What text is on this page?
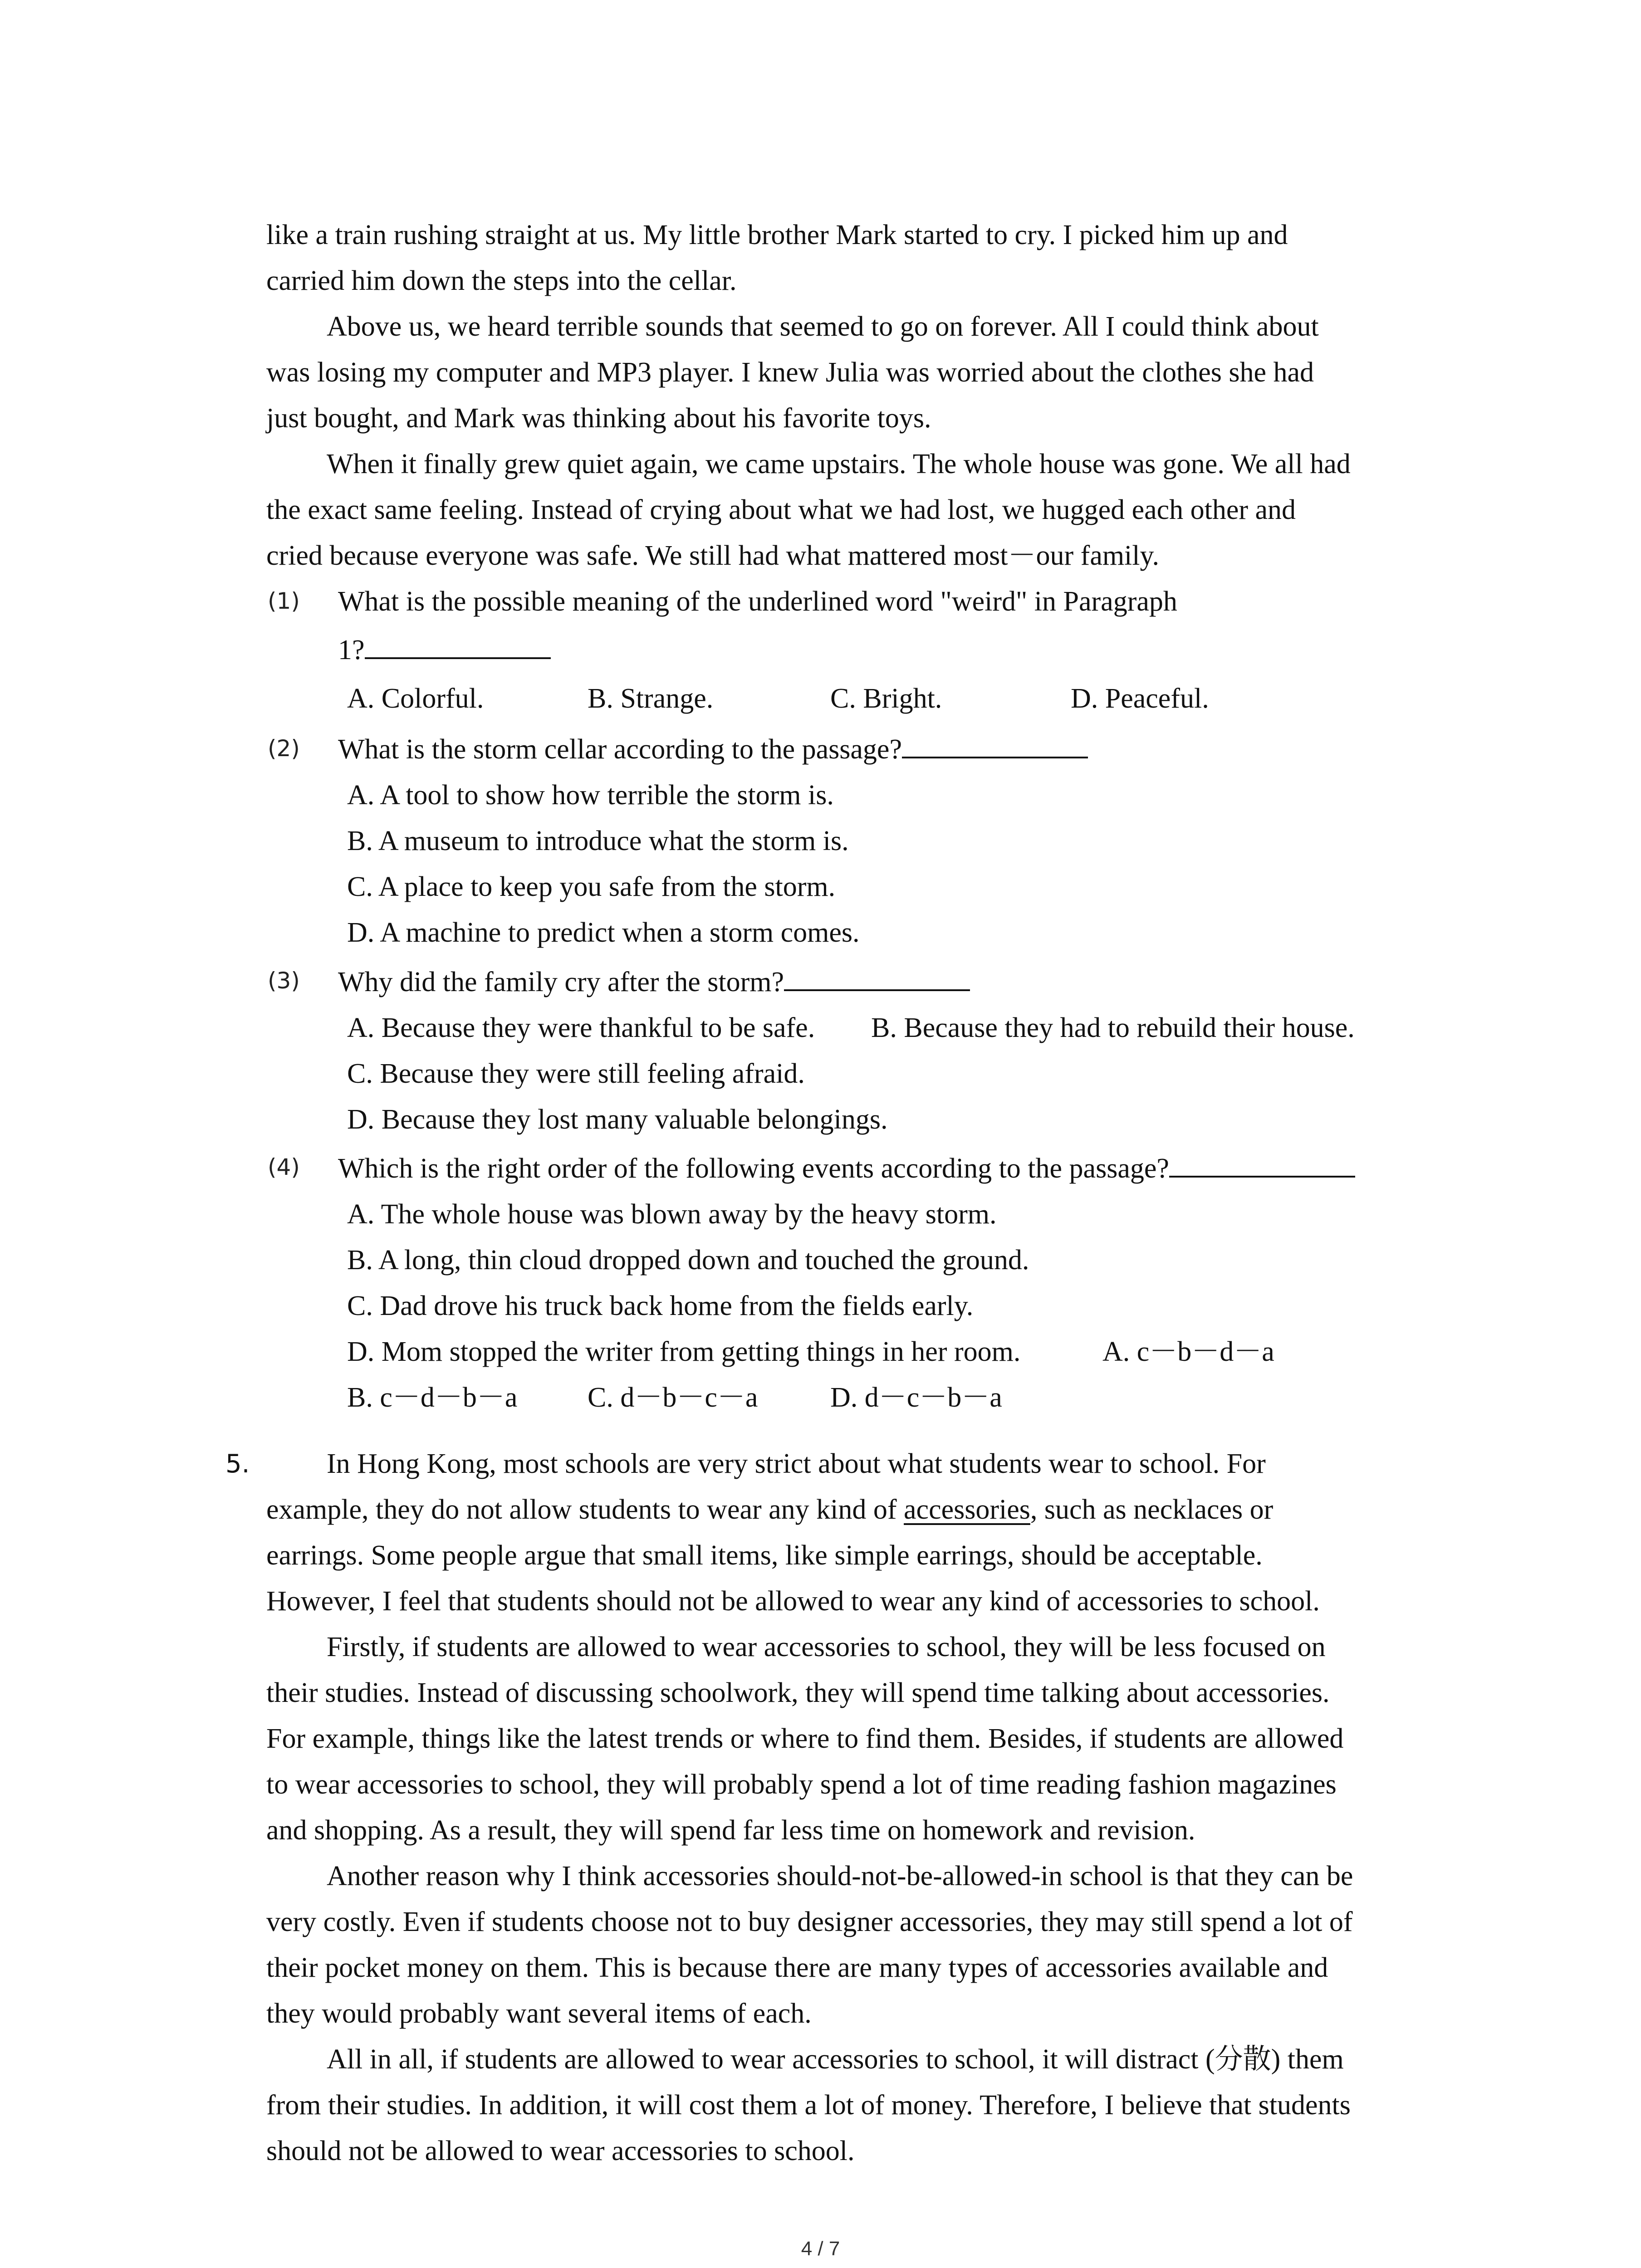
like a train rushing straight at us. My little brother Mark started to cry. I picked him up and
carried him down the steps into the cellar.
Above us, we heard terrible sounds that seemed to go on forever. All I could think about
was losing my computer and MP3 player. I knew Julia was worried about the clothes she had
just bought, and Mark was thinking about his favorite toys.
When it finally grew quiet again, we came upstairs. The whole house was gone. We all had
the exact same feeling. Instead of crying about what we had lost, we hugged each other and
cried because everyone was safe. We still had what mattered most－our family.
(1) What is the possible meaning of the underlined word "weird" in Paragraph
1?
A. Colorful.	B. Strange.	C. Bright.	D. Peaceful.
(2) What is the storm cellar according to the passage?
A. A tool to show how terrible the storm is.
B. A museum to introduce what the storm is.
C. A place to keep you safe from the storm.
D. A machine to predict when a storm comes.
(3) Why did the family cry after the storm?
A. Because they were thankful to be safe. B. Because they had to rebuild their house.
C. Because they were still feeling afraid.
D. Because they lost many valuable belongings.
(4) Which is the right order of the following events according to the passage?
A. The whole house was blown away by the heavy storm.
B. A long, thin cloud dropped down and touched the ground.
C. Dad drove his truck back home from the fields early.
D. Mom stopped the writer from getting things in her room.	A. c－b－d－a
B. c－d－b－a C. d－b－c－a	D. d－c－b－a
5.	In Hong Kong, most schools are very strict about what students wear to school. For
example, they do not allow students to wear any kind of accessories, such as necklaces or
earrings. Some people argue that small items, like simple earrings, should be acceptable.
However, I feel that students should not be allowed to wear any kind of accessories to school.
Firstly, if students are allowed to wear accessories to school, they will be less focused on
their studies. Instead of discussing schoolwork, they will spend time talking about accessories.
For example, things like the latest trends or where to find them. Besides, if students are allowed
to wear accessories to school, they will probably spend a lot of time reading fashion magazines
and shopping. As a result, they will spend far less time on homework and revision.
Another reason why I think accessories should-not-be-allowed-in school is that they can be
very costly. Even if students choose not to buy designer accessories, they may still spend a lot of
their pocket money on them. This is because there are many types of accessories available and
they would probably want several items of each.
All in all, if students are allowed to wear accessories to school, it will distract (分散) them
from their studies. In addition, it will cost them a lot of money. Therefore, I believe that students
should not be allowed to wear accessories to school.
4 / 7
